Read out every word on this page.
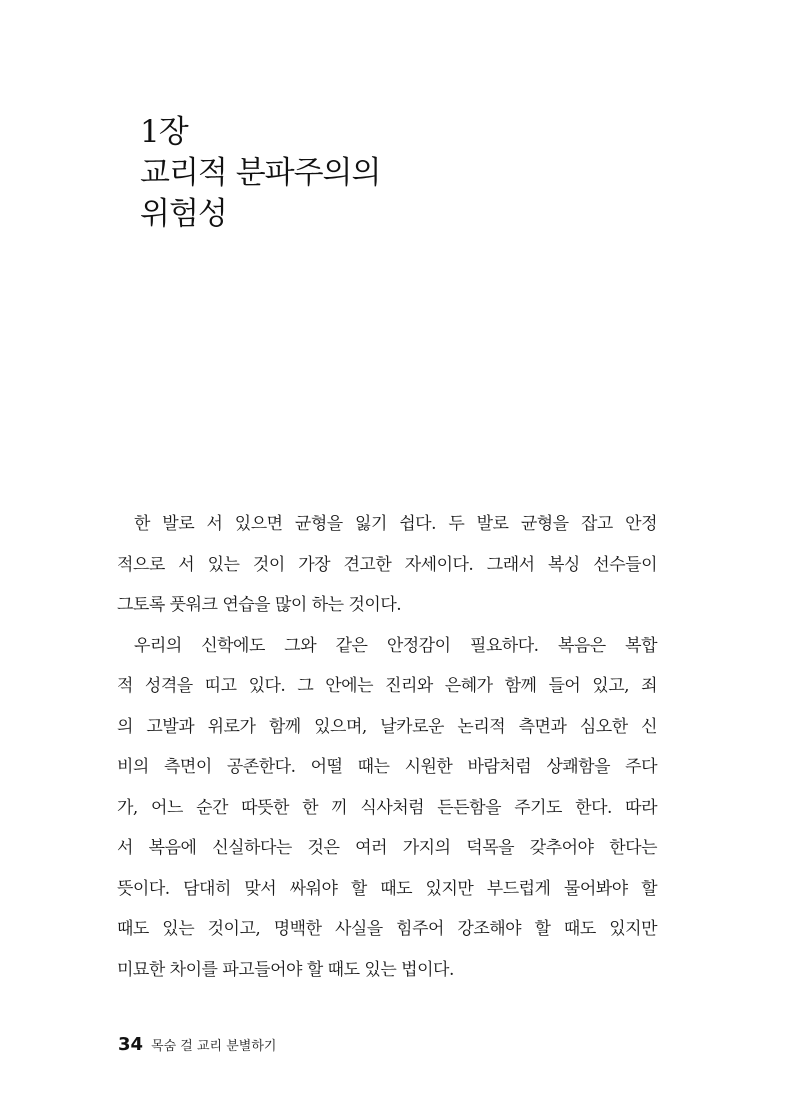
1장
교리적 분파주의의
위험성
한 발로 서 있으면 균형을 잃기 쉽다. 두 발로 균형을 잡고 안정
적으로 서 있는 것이 가장 견고한 자세이다. 그래서 복싱 선수들이
그토록 풋워크 연습을 많이 하는 것이다.
우리의 신학에도 그와 같은 안정감이 필요하다. 복음은 복합
적 성격을 띠고 있다. 그 안에는 진리와 은혜가 함께 들어 있고, 죄
의 고발과 위로가 함께 있으며, 날카로운 논리적 측면과 심오한 신
비의 측면이 공존한다. 어떨 때는 시원한 바람처럼 상쾌함을 주다
가, 어느 순간 따뜻한 한 끼 식사처럼 든든함을 주기도 한다. 따라
서 복음에 신실하다는 것은 여러 가지의 덕목을 갖추어야 한다는
뜻이다. 담대히 맞서 싸워야 할 때도 있지만 부드럽게 물어봐야 할
때도 있는 것이고, 명백한 사실을 힘주어 강조해야 할 때도 있지만
미묘한 차이를 파고들어야 할 때도 있는 법이다.
34 목숨 걸 교리 분별하기
